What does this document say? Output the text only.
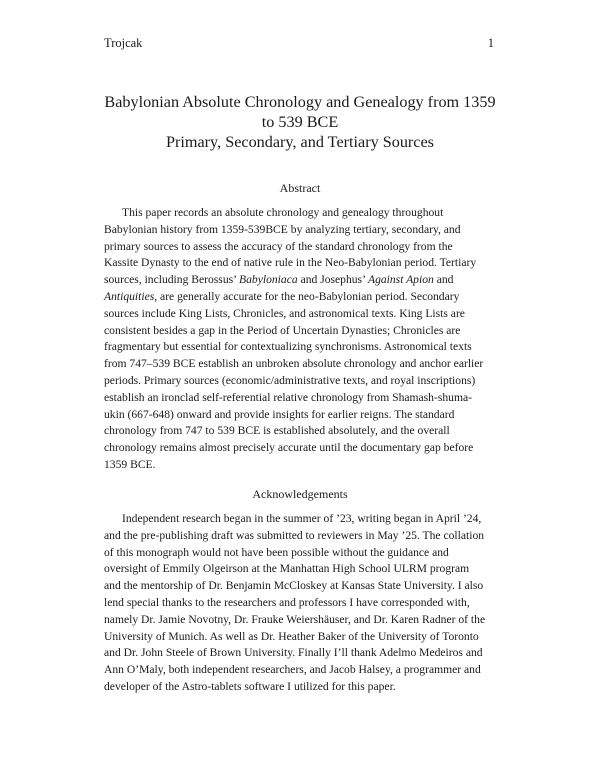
Trojcak	1
Babylonian Absolute Chronology and Genealogy from 1359
to 539 BCE
Primary, Secondary, and Tertiary Sources
Abstract
This paper records an absolute chronology and genealogy throughout
Babylonian history from 1359-539BCE by analyzing tertiary, secondary, and
primary sources to assess the accuracy of the standard chronology from the
Kassite Dynasty to the end of native rule in the Neo-Babylonian period. Tertiary
sources, including Berossus’ Babyloniaca and Josephus’ Against Apion and
Antiquities, are generally accurate for the neo-Babylonian period. Secondary
sources include King Lists, Chronicles, and astronomical texts. King Lists are
consistent besides a gap in the Period of Uncertain Dynasties; Chronicles are
fragmentary but essential for contextualizing synchronisms. Astronomical texts
from 747–539 BCE establish an unbroken absolute chronology and anchor earlier
periods. Primary sources (economic/administrative texts, and royal inscriptions)
establish an ironclad self-referential relative chronology from Shamash-shuma-
ukin (667-648) onward and provide insights for earlier reigns. The standard
chronology from 747 to 539 BCE is established absolutely, and the overall
chronology remains almost precisely accurate until the documentary gap before
1359 BCE.
Acknowledgements
Independent research began in the summer of ’23, writing began in April ’24,
and the pre-publishing draft was submitted to reviewers in May ’25. The collation
of this monograph would not have been possible without the guidance and
oversight of Emmily Olgeirson at the Manhattan High School ULRM program
and the mentorship of Dr. Benjamin McCloskey at Kansas State University. I also
lend special thanks to the researchers and professors I have corresponded with,
namely Dr. Jamie Novotny, Dr. Frauke Weiershäuser, and Dr. Karen Radner of the
University of Munich. As well as Dr. Heather Baker of the University of Toronto
and Dr. John Steele of Brown University. Finally I’ll thank Adelmo Medeiros and
Ann O’Maly, both independent researchers, and Jacob Halsey, a programmer and
developer of the Astro-tablets software I utilized for this paper.
